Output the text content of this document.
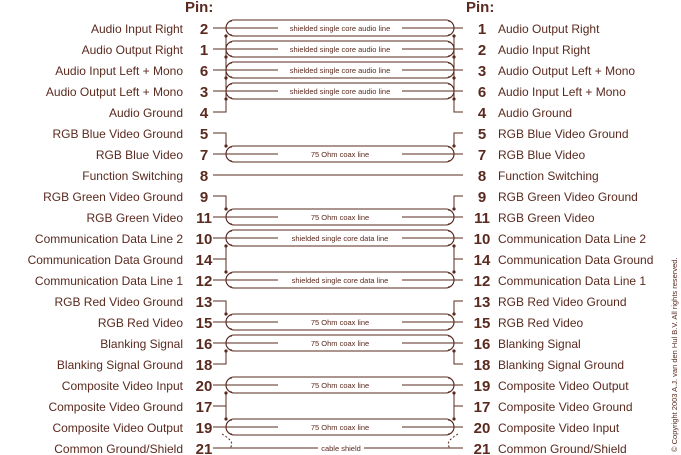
Pin:	Pin:
Audio Input Right 2	1 Audio Output Right
Audio Output Right 1	2 Audio Input Right
Audio Input Left + Mono 6	3 Audio Output Left + Mono
Audio Output Left + Mono 3	6 Audio Input Left + Mono
Audio Ground 4	4 Audio Ground
RGB Blue Video Ground 5	5 RGB Blue Video Ground
RGB Blue Video 7	7 RGB Blue Video
Function Switching 8	8 Function Switching
RGB Green Video Ground 9	9 RGB Green Video Ground
RGB Green Video 11	11 RGB Green Video
Communication Data Line 2 10	10 Communication Data Line 2
Communication Data Ground 14	14 Communication Data Ground
Communication Data Line 1 12	12 Communication Data Line 1
RGB Red Video Ground 13	13 RGB Red Video Ground
RGB Red Video 15	15 RGB Red Video
Blanking Signal 16	16 Blanking Signal
Blanking Signal Ground 18	18 Blanking Signal Ground
Composite Video Input 20	19 Composite Video Output
Composite Video Ground 17	17 Composite Video Ground
Composite Video Output 19	20 Composite Video Input
Common Ground/Shield 21	21 Common Ground/Shield
shielded single core audio line
shielded single core audio line
shielded single core audio line
shielded single core audio line
75 Ohm coax line
75 Ohm coax line
shielded single core data line
shielded single core data line
75 Ohm coax line
75 Ohm coax line
75 Ohm coax line
75 Ohm coax line
cable shield	© Copyright 2003 A.J. van den Hul B.V. All rights reserved.
